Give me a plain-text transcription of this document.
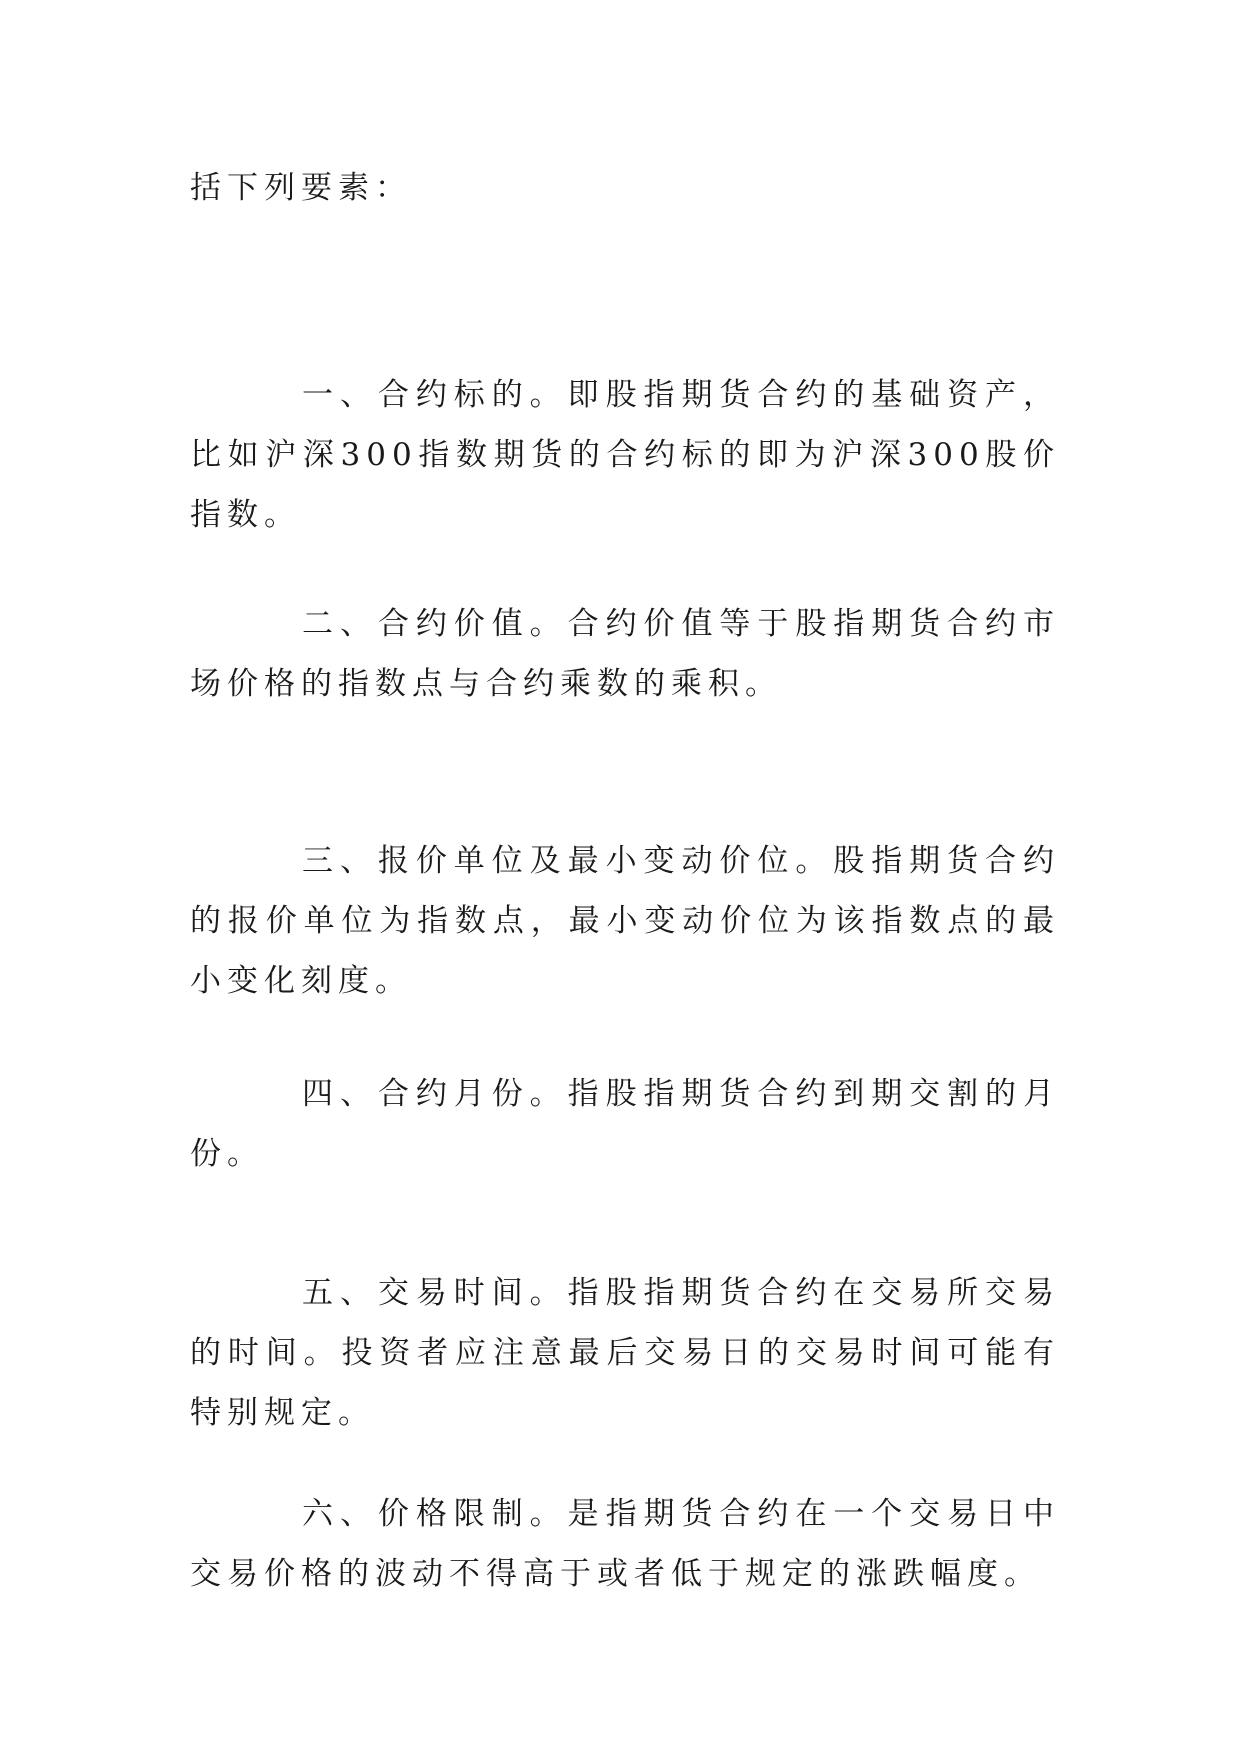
括下列要素：

一、合约标的。即股指期货合约的基础资产，比如沪深300指数期货的合约标的即为沪深300股价指数。

二、合约价值。合约价值等于股指期货合约市场价格的指数点与合约乘数的乘积。

三、报价单位及最小变动价位。股指期货合约的报价单位为指数点，最小变动价位为该指数点的最小变化刻度。

四、合约月份。指股指期货合约到期交割的月份。

五、交易时间。指股指期货合约在交易所交易的时间。投资者应注意最后交易日的交易时间可能有特别规定。

六、价格限制。是指期货合约在一个交易日中交易价格的波动不得高于或者低于规定的涨跌幅度。
